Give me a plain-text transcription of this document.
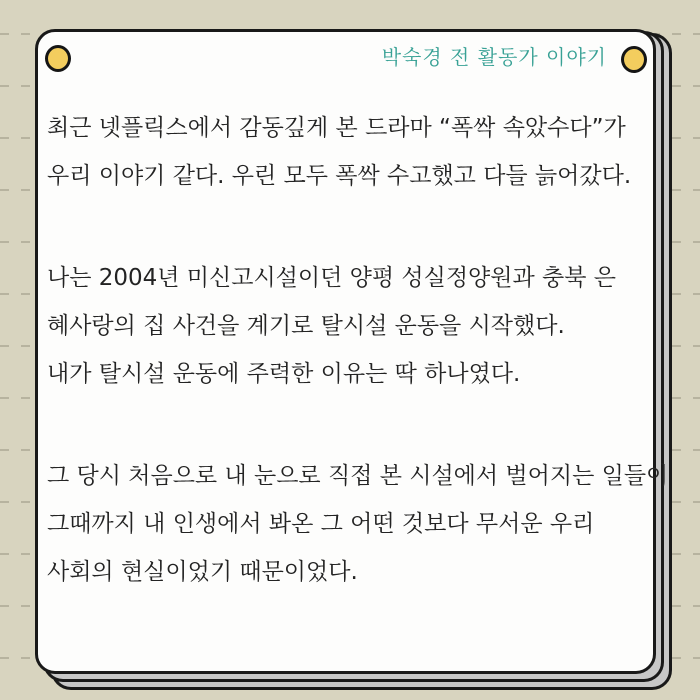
박숙경 전 활동가 이야기

최근 넷플릭스에서 감동깊게 본 드라마 “폭싹 속았수다”가
우리 이야기 같다. 우린 모두 폭싹 수고했고 다들 늙어갔다.

나는 2004년 미신고시설이던 양평 성실정양원과 충북 은
혜사랑의 집 사건을 계기로 탈시설 운동을 시작했다.
내가 탈시설 운동에 주력한 이유는 딱 하나였다.

그 당시 처음으로 내 눈으로 직접 본 시설에서 벌어지는 일들이
그때까지 내 인생에서 봐온 그 어떤 것보다 무서운 우리
사회의 현실이었기 때문이었다.
